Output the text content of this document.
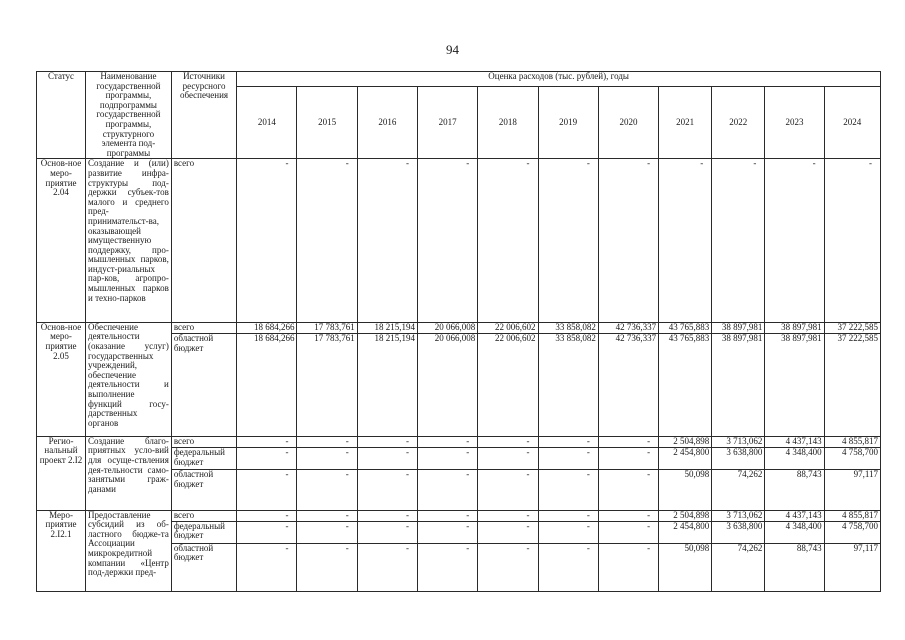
94
Статус	Наименование государственной программы, подпрограммы государственной программы, структурного элемента под-программы	Источники ресурсного обеспечения	Оценка расходов (тыс. рублей), годы										
			2014	2015	2016	2017	2018	2019	2020	2021	2022	2023	2024
Основ-ное меро-приятие 2.04	Создание и (или) развитие инфра-структуры под-держки субъек-тов малого и среднего пред-принимательст-ва, оказывающей имущественную поддержку, про-мышленных парков, индуст-риальных пар-ков, агропро-мышленных парков и техно-парков	всего	-	-	-	-	-	-	-	-	-	-	-
Основ-ное меро-приятие 2.05	Обеспечение деятельности (оказание услуг) государственных учреждений, обеспечение деятельности и выполнение функций госу-дарственных органов	всего	18 684,266	17 783,761	18 215,194	20 066,008	22 006,602	33 858,082	42 736,337	43 765,883	38 897,981	38 897,981	37 222,585
		областной бюджет	18 684,266	17 783,761	18 215,194	20 066,008	22 006,602	33 858,082	42 736,337	43 765,883	38 897,981	38 897,981	37 222,585
Регио-нальный проект 2.I2	Создание благо-приятных усло-вий для осуще-ствления дея-тельности само-занятыми граж-данами	всего	-	-	-	-	-	-	-	2 504,898	3 713,062	4 437,143	4 855,817
		федеральный бюджет	-	-	-	-	-	-	-	2 454,800	3 638,800	4 348,400	4 758,700
		областной бюджет	-	-	-	-	-	-	-	50,098	74,262	88,743	97,117
Меро-приятие 2.I2.1	Предоставление субсидий из об-ластного бюдже-та Ассоциации микрокредитной компании «Центр под-держки пред-	всего	-	-	-	-	-	-	-	2 504,898	3 713,062	4 437,143	4 855,817
		федеральный бюджет	-	-	-	-	-	-	-	2 454,800	3 638,800	4 348,400	4 758,700
		областной бюджет	-	-	-	-	-	-	-	50,098	74,262	88,743	97,117
